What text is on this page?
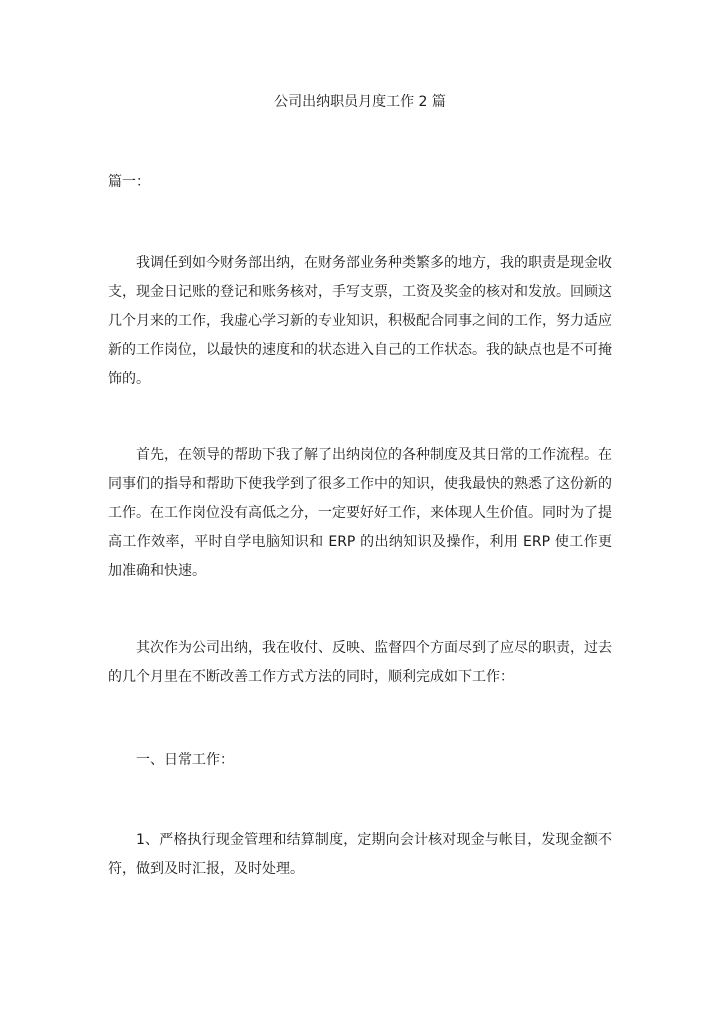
公司出纳职员月度工作 2 篇
篇一：
我调任到如今财务部出纳，在财务部业务种类繁多的地方，我的职责是现金收支，现金日记账的登记和账务核对，手写支票，工资及奖金的核对和发放。回顾这几个月来的工作，我虚心学习新的专业知识，积极配合同事之间的工作，努力适应新的工作岗位，以最快的速度和的状态进入自己的工作状态。我的缺点也是不可掩饰的。
首先，在领导的帮助下我了解了出纳岗位的各种制度及其日常的工作流程。在同事们的指导和帮助下使我学到了很多工作中的知识，使我最快的熟悉了这份新的工作。在工作岗位没有高低之分，一定要好好工作，来体现人生价值。同时为了提高工作效率，平时自学电脑知识和 ERP 的出纳知识及操作，利用 ERP 使工作更加准确和快速。
其次作为公司出纳，我在收付、反映、监督四个方面尽到了应尽的职责，过去的几个月里在不断改善工作方式方法的同时，顺利完成如下工作：
一、日常工作：
1、严格执行现金管理和结算制度，定期向会计核对现金与帐目，发现金额不符，做到及时汇报，及时处理。
